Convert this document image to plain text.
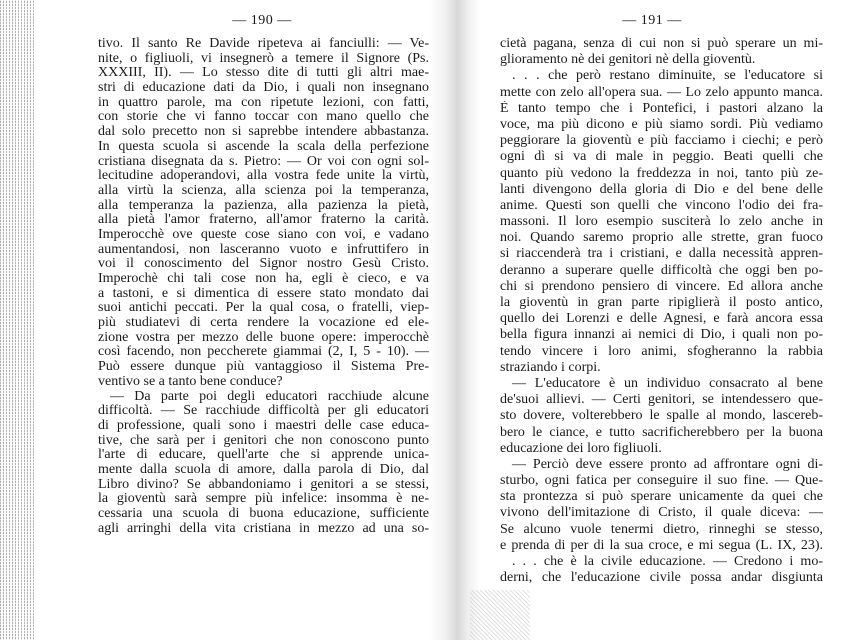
— 190 —
tivo. Il santo Re Davide ripeteva ai fanciulli: — Ve-
nite, o figliuoli, vi insegnerò a temere il Signore (Ps.
XXXIII, II). — Lo stesso dite di tutti gli altri mae-
stri di educazione dati da Dio, i quali non insegnano
in quattro parole, ma con ripetute lezioni, con fatti,
con storie che vi fanno toccar con mano quello che
dal solo precetto non si saprebbe intendere abbastanza.
In questa scuola si ascende la scala della perfezione
cristiana disegnata da s. Pietro: — Or voi con ogni sol-
lecitudine adoperandovi, alla vostra fede unite la virtù,
alla virtù la scienza, alla scienza poi la temperanza,
alla temperanza la pazienza, alla pazienza la pietà,
alla pietà l'amor fraterno, all'amor fraterno la carità.
Imperocchè ove queste cose siano con voi, e vadano
aumentandosi, non lasceranno vuoto e infruttifero in
voi il conoscimento del Signor nostro Gesù Cristo.
Imperochè chi tali cose non ha, egli è cieco, e va
a tastoni, e si dimentica di essere stato mondato dai
suoi antichi peccati. Per la qual cosa, o fratelli, viep-
più studiatevi di certa rendere la vocazione ed ele-
zione vostra per mezzo delle buone opere: imperocchè
così facendo, non peccherete giammai (2, I, 5 - 10). —
Può essere dunque più vantaggioso il Sistema Pre-
ventivo se a tanto bene conduce?
— Da parte poi degli educatori racchiude alcune
difficoltà. — Se racchiude difficoltà per gli educatori
di professione, quali sono i maestri delle case educa-
tive, che sarà per i genitori che non conoscono punto
l'arte di educare, quell'arte che si apprende unica-
mente dalla scuola di amore, dalla parola di Dio, dal
Libro divino? Se abbandoniamo i genitori a se stessi,
la gioventù sarà sempre più infelice: insomma è ne-
cessaria una scuola di buona educazione, sufficiente
agli arringhi della vita cristiana in mezzo ad una so-
— 191 —
cietà pagana, senza di cui non si può sperare un mi-
glioramento nè dei genitori nè della gioventù.
. . . che però restano diminuite, se l'educatore si
mette con zelo all'opera sua. — Lo zelo appunto manca.
È tanto tempo che i Pontefici, i pastori alzano la
voce, ma più dicono e più siamo sordi. Più vediamo
peggiorare la gioventù e più facciamo i ciechi; e però
ogni dì si va di male in peggio. Beati quelli che
quanto più vedono la freddezza in noi, tanto più ze-
lanti divengono della gloria di Dio e del bene delle
anime. Questi son quelli che vincono l'odio dei fra-
massoni. Il loro esempio susciterà lo zelo anche in
noi. Quando saremo proprio alle strette, gran fuoco
si riaccenderà tra i cristiani, e dalla necessità appren-
deranno a superare quelle difficoltà che oggi ben po-
chi si prendono pensiero di vincere. Ed allora anche
la gioventù in gran parte ripiglierà il posto antico,
quello dei Lorenzi e delle Agnesi, e farà ancora essa
bella figura innanzi ai nemici di Dio, i quali non po-
tendo vincere i loro animi, sfogheranno la rabbia
straziando i corpi.
— L'educatore è un individuo consacrato al bene
de'suoi allievi. — Certi genitori, se intendessero que-
sto dovere, volterebbero le spalle al mondo, lascereb-
bero le ciance, e tutto sacrificherebbero per la buona
educazione dei loro figliuoli.
— Perciò deve essere pronto ad affrontare ogni di-
sturbo, ogni fatica per conseguire il suo fine. — Que-
sta prontezza si può sperare unicamente da quei che
vivono dell'imitazione di Cristo, il quale diceva: —
Se alcuno vuole tenermi dietro, rinneghi se stesso,
e prenda di per di la sua croce, e mi segua (L. IX, 23).
. . . che è la civile educazione. — Credono i mo-
derni, che l'educazione civile possa andar disgiunta
